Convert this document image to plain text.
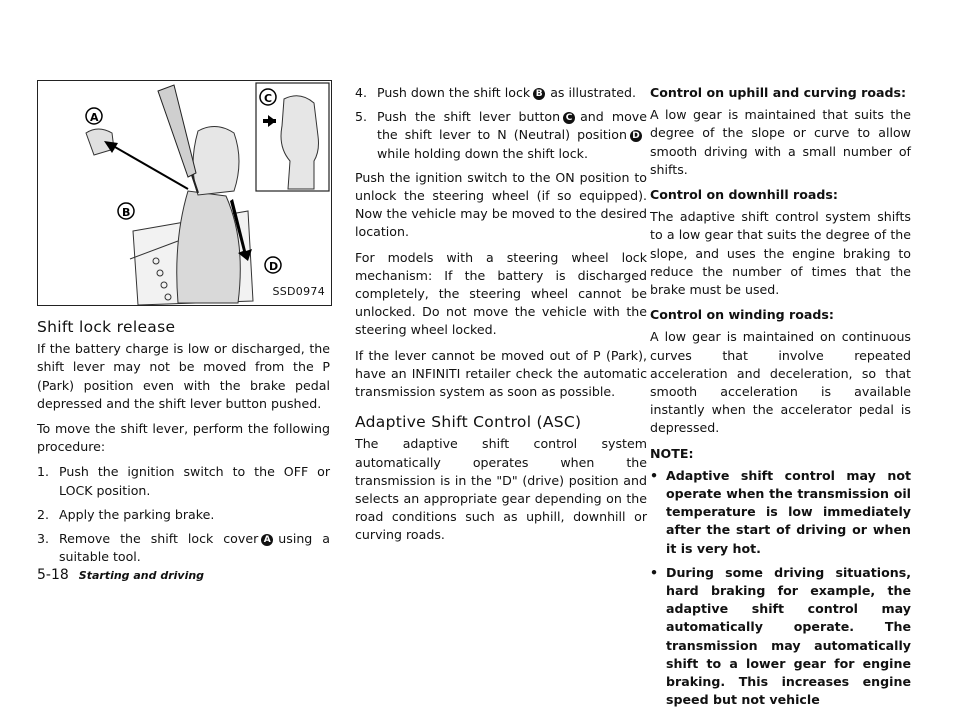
A
B
C
D
SSD0974
Shift lock release

If the battery charge is low or discharged, the shift lever may not be moved from the P (Park) position even with the brake pedal depressed and the shift lever button pushed.

To move the shift lever, perform the following procedure:

1. Push the ignition switch to the OFF or LOCK position.
2. Apply the parking brake.
3. Remove the shift lock cover A using a suitable tool.
4. Push down the shift lock B as illustrated.
5. Push the shift lever button C and move the shift lever to N (Neutral) position Dwhile holding down the shift lock.

Push the ignition switch to the ON position to unlock the steering wheel (if so equipped). Now the vehicle may be moved to the desired location.

For models with a steering wheel lock mechanism: If the battery is discharged completely, the steering wheel cannot be unlocked. Do not move the vehicle with the steering wheel locked.

If the lever cannot be moved out of P (Park), have an INFINITI retailer check the automatic transmission system as soon as possible.

Adaptive Shift Control (ASC)

The adaptive shift control system automatically operates when the transmission is in the "D" (drive) position and selects an appropriate gear depending on the road conditions such as uphill, downhill or curving roads.

Control on uphill and curving roads:

A low gear is maintained that suits the degree of the slope or curve to allow smooth driving with a small number of shifts.

Control on downhill roads:

The adaptive shift control system shifts to a low gear that suits the degree of the slope, and uses the engine braking to reduce the number of times that the brake must be used.

Control on winding roads:

A low gear is maintained on continuous curves that involve repeated acceleration and deceleration, so that smooth acceleration is available instantly when the accelerator pedal is depressed.

NOTE:

• Adaptive shift control may not operate when the transmission oil temperature is low immediately after the start of driving or when it is very hot.
• During some driving situations, hard braking for example, the adaptive shift control may automatically operate. The transmission may automatically shift to a lower gear for engine braking. This increases engine speed but not vehicle
5-18 Starting and driving
